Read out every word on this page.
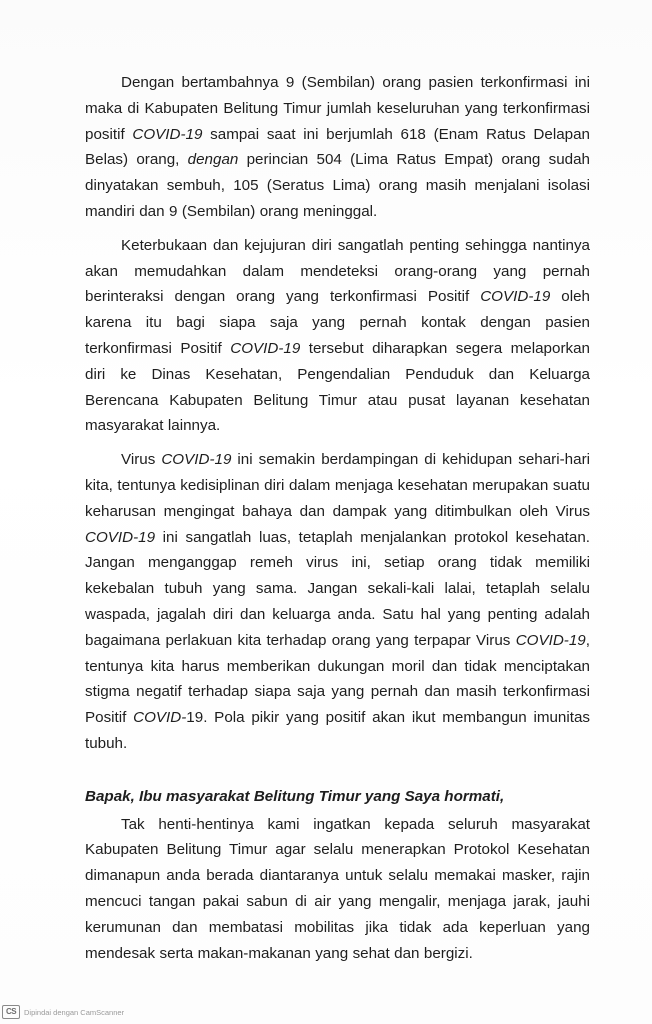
Dengan bertambahnya 9 (Sembilan) orang pasien terkonfirmasi ini maka di Kabupaten Belitung Timur jumlah keseluruhan yang terkonfirmasi positif COVID-19 sampai saat ini berjumlah 618 (Enam Ratus Delapan Belas) orang, dengan perincian 504 (Lima Ratus Empat) orang sudah dinyatakan sembuh, 105 (Seratus Lima) orang masih menjalani isolasi mandiri dan 9 (Sembilan) orang meninggal.

Keterbukaan dan kejujuran diri sangatlah penting sehingga nantinya akan memudahkan dalam mendeteksi orang-orang yang pernah berinteraksi dengan orang yang terkonfirmasi Positif COVID-19 oleh karena itu bagi siapa saja yang pernah kontak dengan pasien terkonfirmasi Positif COVID-19 tersebut diharapkan segera melaporkan diri ke Dinas Kesehatan, Pengendalian Penduduk dan Keluarga Berencana Kabupaten Belitung Timur atau pusat layanan kesehatan masyarakat lainnya.

Virus COVID-19 ini semakin berdampingan di kehidupan sehari-hari kita, tentunya kedisiplinan diri dalam menjaga kesehatan merupakan suatu keharusan mengingat bahaya dan dampak yang ditimbulkan oleh Virus COVID-19 ini sangatlah luas, tetaplah menjalankan protokol kesehatan. Jangan menganggap remeh virus ini, setiap orang tidak memiliki kekebalan tubuh yang sama. Jangan sekali-kali lalai, tetaplah selalu waspada, jagalah diri dan keluarga anda. Satu hal yang penting adalah bagaimana perlakuan kita terhadap orang yang terpapar Virus COVID-19, tentunya kita harus memberikan dukungan moril dan tidak menciptakan stigma negatif terhadap siapa saja yang pernah dan masih terkonfirmasi Positif COVID-19. Pola pikir yang positif akan ikut membangun imunitas tubuh.

Bapak, Ibu masyarakat Belitung Timur yang Saya hormati,

Tak henti-hentinya kami ingatkan kepada seluruh masyarakat Kabupaten Belitung Timur agar selalu menerapkan Protokol Kesehatan dimanapun anda berada diantaranya untuk selalu memakai masker, rajin mencuci tangan pakai sabun di air yang mengalir, menjaga jarak, jauhi kerumunan dan membatasi mobilitas jika tidak ada keperluan yang mendesak serta makan-makanan yang sehat dan bergizi.

CS	Dipindai dengan CamScanner
